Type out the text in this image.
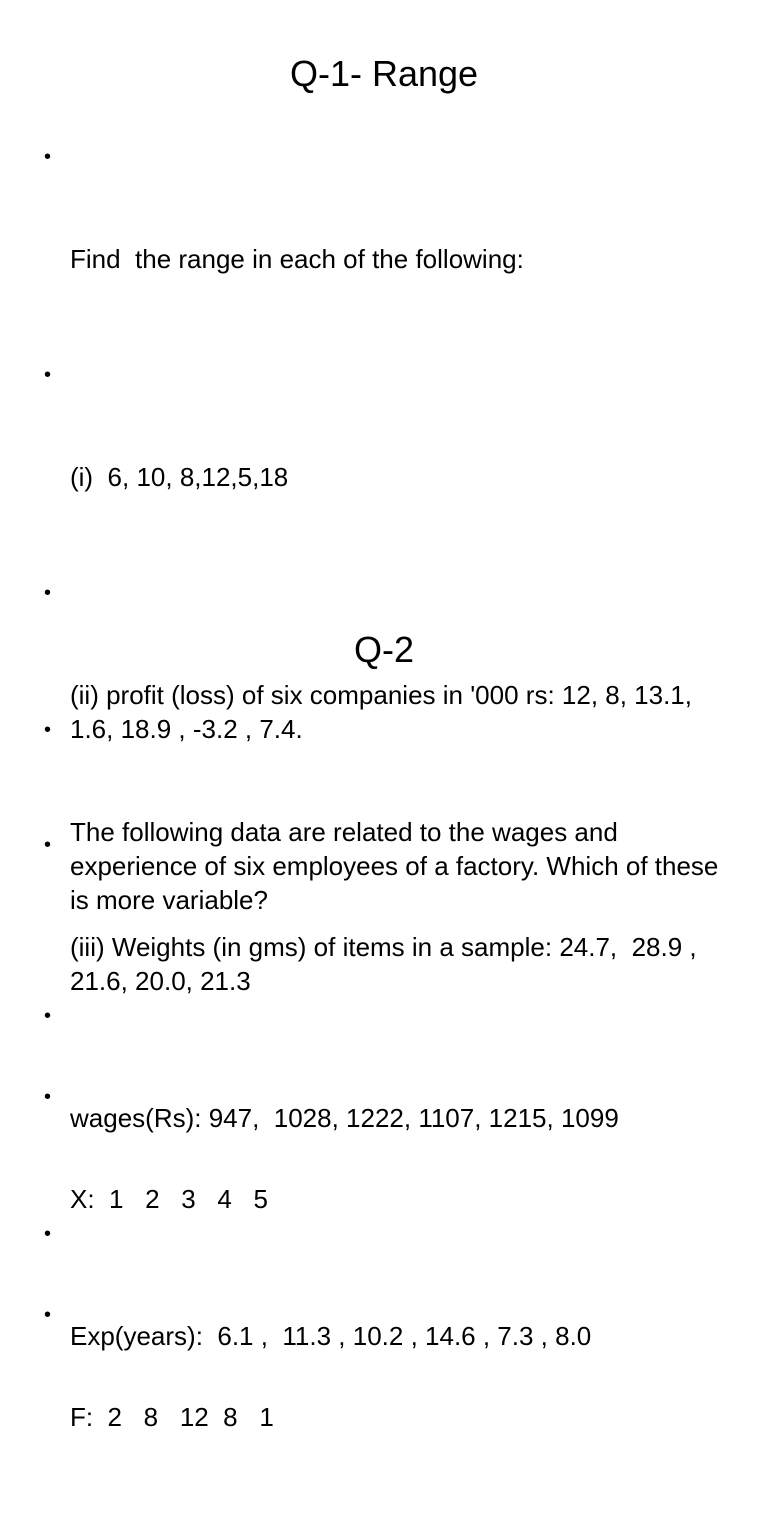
Q-1- Range

•

Find  the range in each of the following:

•

(i)  6, 10, 8,12,5,18

•

(ii) profit (loss) of six companies in '000 rs: 12, 8, 13.1, 1.6, 18.9 , -3.2 , 7.4.

•

(iii) Weights (in gms) of items in a sample: 24.7,  28.9 , 21.6, 20.0, 21.3

•

X:  1   2   3   4   5

•

F:  2   8   12  8   1

Q-2

•

The following data are related to the wages and experience of six employees of a factory. Which of these is more variable?

•

wages(Rs): 947,  1028, 1222, 1107, 1215, 1099

•

Exp(years):  6.1 ,  11.3 , 10.2 , 14.6 , 7.3 , 8.0
